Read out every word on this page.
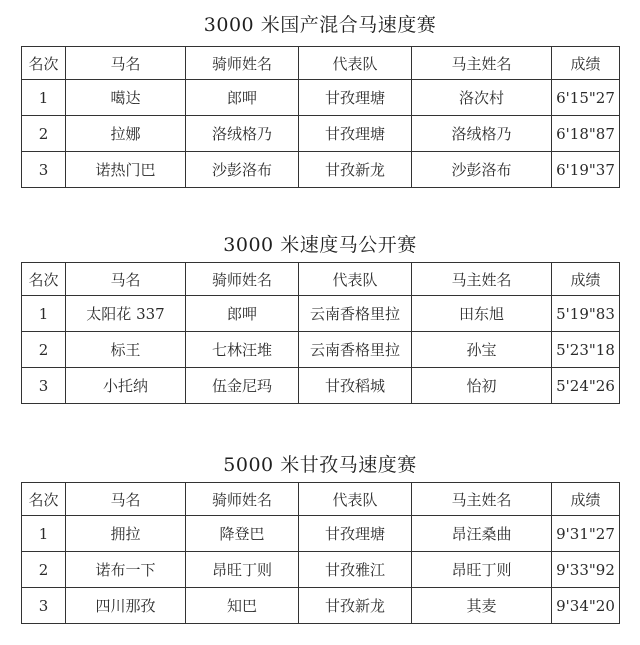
3000 米国产混合马速度赛
名次	马名	骑师姓名	代表队	马主姓名	成绩
1	噶达	郎呷	甘孜理塘	洛次村	6'15"27
2	拉娜	洛绒格乃	甘孜理塘	洛绒格乃	6'18"87
3	诺热门巴	沙彭洛布	甘孜新龙	沙彭洛布	6'19"37
3000 米速度马公开赛
名次	马名	骑师姓名	代表队	马主姓名	成绩
1	太阳花 337	郎呷	云南香格里拉	田东旭	5'19"83
2	标王	七林汪堆	云南香格里拉	孙宝	5'23"18
3	小托纳	伍金尼玛	甘孜稻城	怡初	5'24"26
5000 米甘孜马速度赛
名次	马名	骑师姓名	代表队	马主姓名	成绩
1	拥拉	降登巴	甘孜理塘	昂汪桑曲	9'31"27
2	诺布一下	昂旺丁则	甘孜雅江	昂旺丁则	9'33"92
3	四川那孜	知巴	甘孜新龙	其麦	9'34"20
